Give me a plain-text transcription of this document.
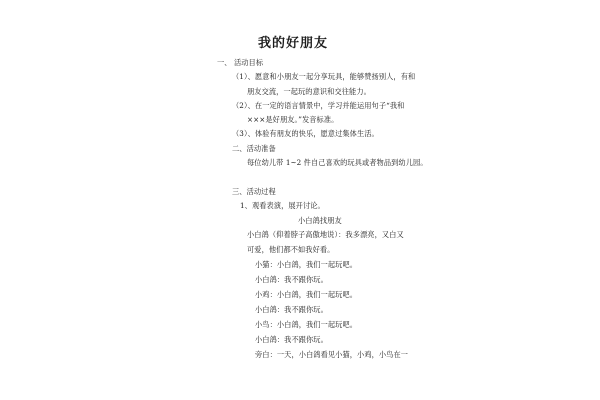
我的好朋友
一、 活动目标
（1）、愿意和小朋友一起分享玩具，能够赞扬别人，有和
朋友交流，一起玩的意识和交往能力。
（2）、在一定的语言情景中，学习并能运用句子“我和
×××是好朋友。”发音标准。
（3）、体验有朋友的快乐，愿意过集体生活。
二、活动准备
每位幼儿带 1~2 件自己喜欢的玩具或者物品到幼儿园。
三、活动过程
1、观看表演，展开讨论。
小白鸽找朋友
小白鸽（仰着脖子高傲地说）：我多漂亮，又白又
可爱，他们都不如我好看。
小猫：小白鸽，我们一起玩吧。
小白鸽：我不跟你玩。
小鸡：小白鸽，我们一起玩吧。
小白鸽：我不跟你玩。
小鸟：小白鸽，我们一起玩吧。
小白鸽：我不跟你玩。
旁白：一天，小白鸽看见小猫，小鸡，小鸟在一
